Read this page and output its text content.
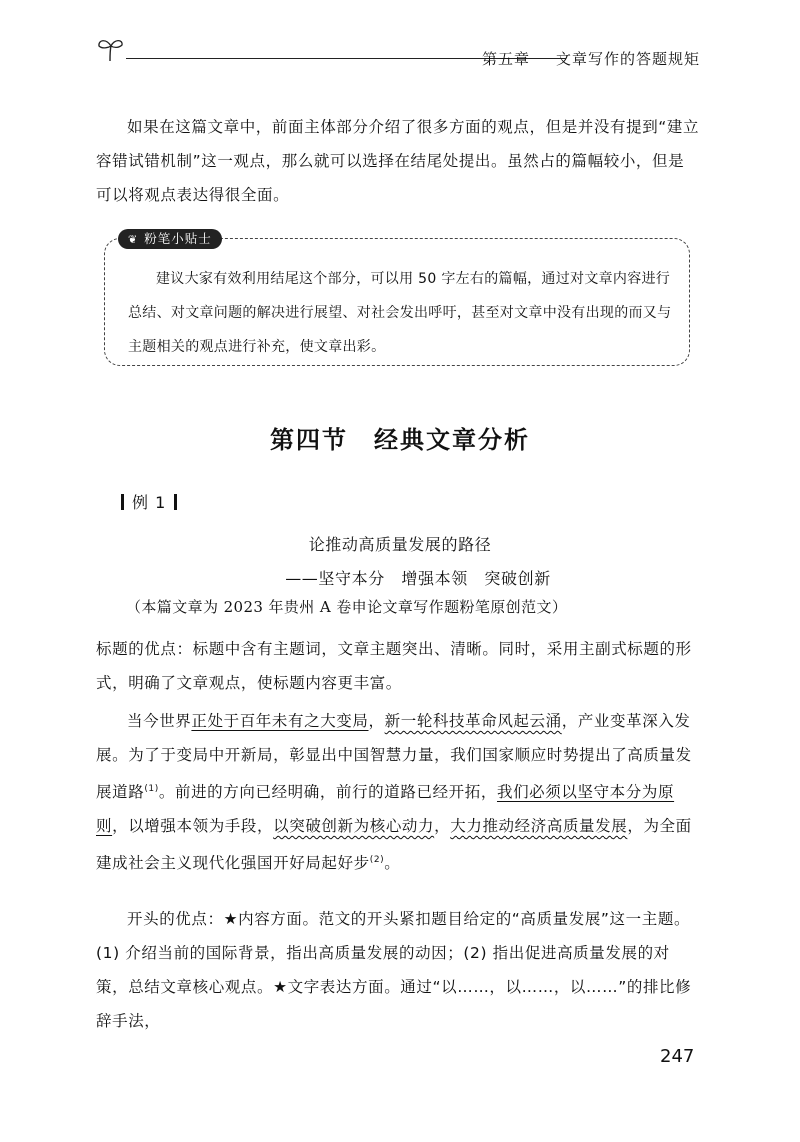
第五章 文章写作的答题规矩

如果在这篇文章中，前面主体部分介绍了很多方面的观点，但是并没有提到“建立容错试错机制”这一观点，那么就可以选择在结尾处提出。虽然占的篇幅较小，但是可以将观点表达得很全面。

❦ 粉笔小贴士

建议大家有效利用结尾这个部分，可以用 50 字左右的篇幅，通过对文章内容进行总结、对文章问题的解决进行展望、对社会发出呼吁，甚至对文章中没有出现的而又与主题相关的观点进行补充，使文章出彩。

第四节　经典文章分析
例 1
论推动高质量发展的路径
——坚守本分　增强本领　突破创新
（本篇文章为 2023 年贵州 A 卷申论文章写作题粉笔原创范文）

标题的优点：标题中含有主题词，文章主题突出、清晰。同时，采用主副式标题的形式，明确了文章观点，使标题内容更丰富。

当今世界正处于百年未有之大变局，新一轮科技革命风起云涌，产业变革深入发展。为了于变局中开新局，彰显出中国智慧力量，我们国家顺应时势提出了高质量发展道路$^{(1)}$。前进的方向已经明确，前行的道路已经开拓，我们必须以坚守本分为原则，以增强本领为手段，以突破创新为核心动力，大力推动经济高质量发展，为全面建成社会主义现代化强国开好局起好步$^{(2)}$。

开头的优点：★内容方面。范文的开头紧扣题目给定的“高质量发展”这一主题。(1) 介绍当前的国际背景，指出高质量发展的动因；(2) 指出促进高质量发展的对策，总结文章核心观点。★文字表达方面。通过“以……，以……，以……”的排比修辞手法，

247
